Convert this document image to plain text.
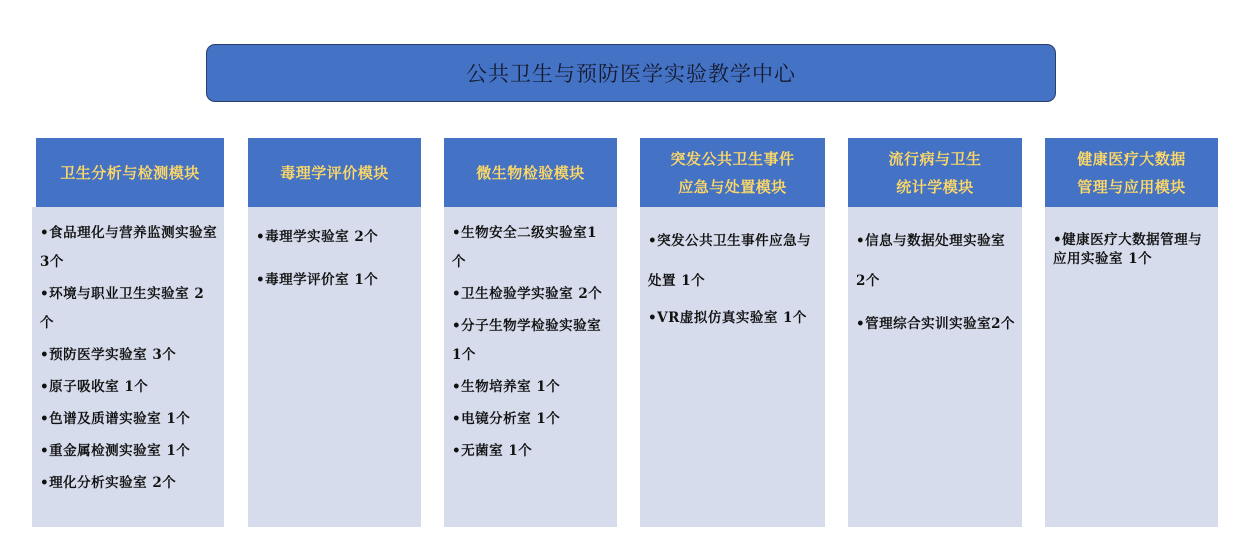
公共卫生与预防医学实验教学中心
•食品理化与营养监测实验室 3个
•环境与职业卫生实验室 2个
•预防医学实验室 3个
•原子吸收室 1个
•色谱及质谱实验室 1个
•重金属检测实验室 1个
•理化分析实验室 2个
卫生分析与检测模块
•毒理学实验室 2个
•毒理学评价室 1个
毒理学评价模块
•生物安全二级实验室1个
•卫生检验学实验室 2个
•分子生物学检验实验室 1个
•生物培养室 1个
•电镜分析室 1个
•无菌室 1个
微生物检验模块
•突发公共卫生事件应急与处置 1个
•VR虚拟仿真实验室 1个
突发公共卫生事件
应急与处置模块
•信息与数据处理实验室 2个
•管理综合实训实验室2个
流行病与卫生
统计学模块
•健康医疗大数据管理与应用实验室 1个
健康医疗大数据
管理与应用模块
